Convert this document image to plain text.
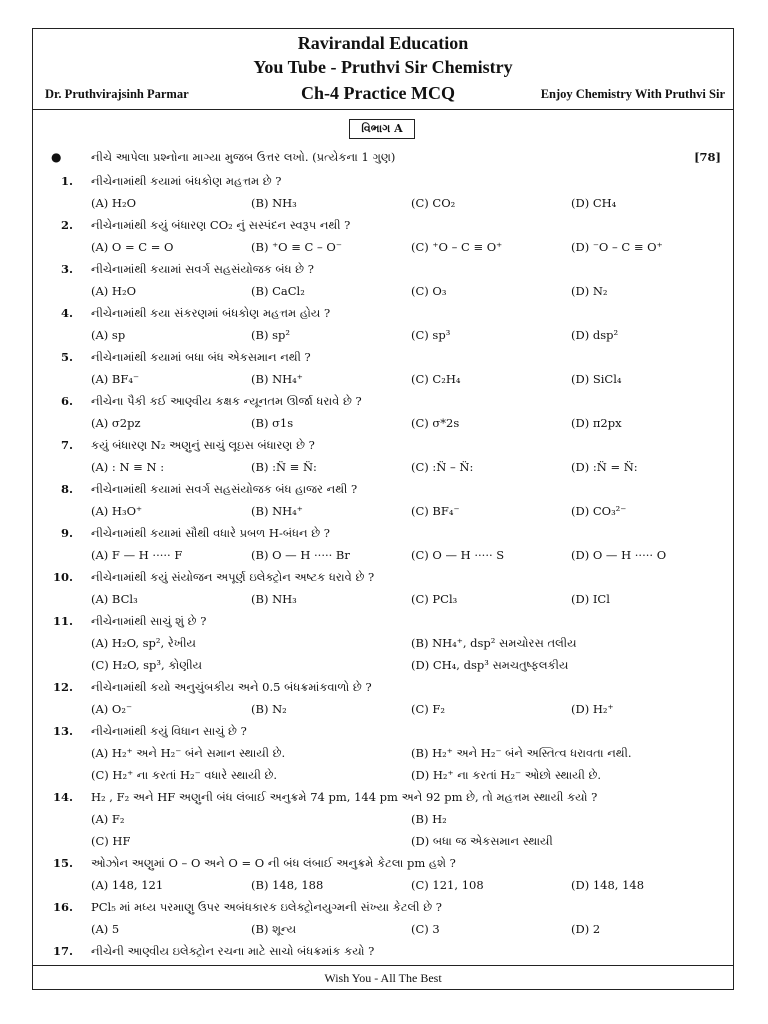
Ravirandal Education
You Tube - Pruthvi Sir Chemistry
Dr. Pruthvirajsinh Parmar	Ch-4 Practice MCQ	Enjoy Chemistry With Pruthvi Sir
વિભાગ A
●	નીચે આપેલા પ્રશ્નોના માગ્યા મુજબ ઉત્તર લખો. (પ્રત્યેકના 1 ગુણ)	[78]
1. નીચેનામાંથી કયામાં બંધકોણ મહત્તમ છે ?
(A) H₂O	(B) NH₃	(C) CO₂	(D) CH₄
2. નીચેનામાંથી કયું બંધારણ CO₂ નું સસ્પંદન સ્વરૂપ નથી ?
(A) O = C = O	(B) ⁺O ≡ C – O⁻	(C) ⁺O – C ≡ O⁺	(D) ⁻O – C ≡ O⁺
3. નીચેનામાંથી કયામાં સવર્ગ સહસંયોજક બંધ છે ?
(A) H₂O	(B) CaCl₂	(C) O₃	(D) N₂
4. નીચેનામાંથી કયા સંકરણમાં બંધકોણ મહત્તમ હોય ?
(A) sp	(B) sp²	(C) sp³	(D) dsp²
5. નીચેનામાંથી કયામાં બધા બંધ એકસમાન નથી ?
(A) BF₄⁻	(B) NH₄⁺	(C) C₂H₄	(D) SiCl₄
6. નીચેના પૈકી કઈ આણ્વીય કક્ષક ન્યૂનતમ ઊર્જા ધરાવે છે ?
(A) σ2pz	(B) σ1s	(C) σ*2s	(D) π2px
7. કયું બંધારણ N₂ અણુનું સાચું લૂઇસ બંધારણ છે ?
(A) : N ≡ N :	(B) :N̈ ≡ N̈:	(C) :N̈ – N̈:	(D) :N̈ = N̈:
8. નીચેનામાંથી કયામાં સવર્ગ સહસંયોજક બંધ હાજર નથી ?
(A) H₃O⁺	(B) NH₄⁺	(C) BF₄⁻	(D) CO₃²⁻
9. નીચેનામાંથી કયામાં સૌથી વધારે પ્રબળ H-બંધન છે ?
(A) F — H ····· F	(B) O — H ····· Br	(C) O — H ····· S	(D) O — H ····· O
10. નીચેનામાંથી કયું સંયોજન અપૂર્ણ ઇલેક્ટ્રોન અષ્ટક ધરાવે છે ?
(A) BCl₃	(B) NH₃	(C) PCl₃	(D) ICl
11. નીચેનામાંથી સાચું શું છે ?
(A) H₂O, sp², રેખીય	(B) NH₄⁺, dsp² સમચોરસ તલીય
(C) H₂O, sp³, કોણીય	(D) CH₄, dsp³ સમચતુષ્ફલકીય
12. નીચેનામાંથી કયો અનુચુંબકીય અને 0.5 બંધક્રમાંકવાળો છે ?
(A) O₂⁻	(B) N₂	(C) F₂	(D) H₂⁺
13. નીચેનામાંથી કયું વિધાન સાચું છે ?
(A) H₂⁺ અને H₂⁻ બંને સમાન સ્થાયી છે.	(B) H₂⁺ અને H₂⁻ બંને અસ્તિત્વ ધરાવતા નથી.
(C) H₂⁺ ના કરતાં H₂⁻ વધારે સ્થાયી છે.	(D) H₂⁺ ના કરતાં H₂⁻ ઓછો સ્થાયી છે.
14. H₂ , F₂ અને HF અણુની બંધ લંબાઈ અનુક્રમે 74 pm, 144 pm અને 92 pm છે, તો મહત્તમ સ્થાયી કયો ?
(A) F₂	(B) H₂
(C) HF	(D) બધા જ એકસમાન સ્થાયી
15. ઓઝોન અણુમાં O – O અને O = O ની બંધ લંબાઈ અનુક્રમે કેટલા pm હશે ?
(A) 148, 121	(B) 148, 188	(C) 121, 108	(D) 148, 148
16. PCl₅ માં મધ્ય પરમાણુ ઉપર અબંધકારક ઇલેક્ટ્રોનયુગ્મની સંખ્યા કેટલી છે ?
(A) 5	(B) શૂન્ય	(C) 3	(D) 2
17. નીચેની આણ્વીય ઇલેક્ટ્રોન રચના માટે સાચો બંધક્રમાંક કયો ?
Wish You - All The Best
